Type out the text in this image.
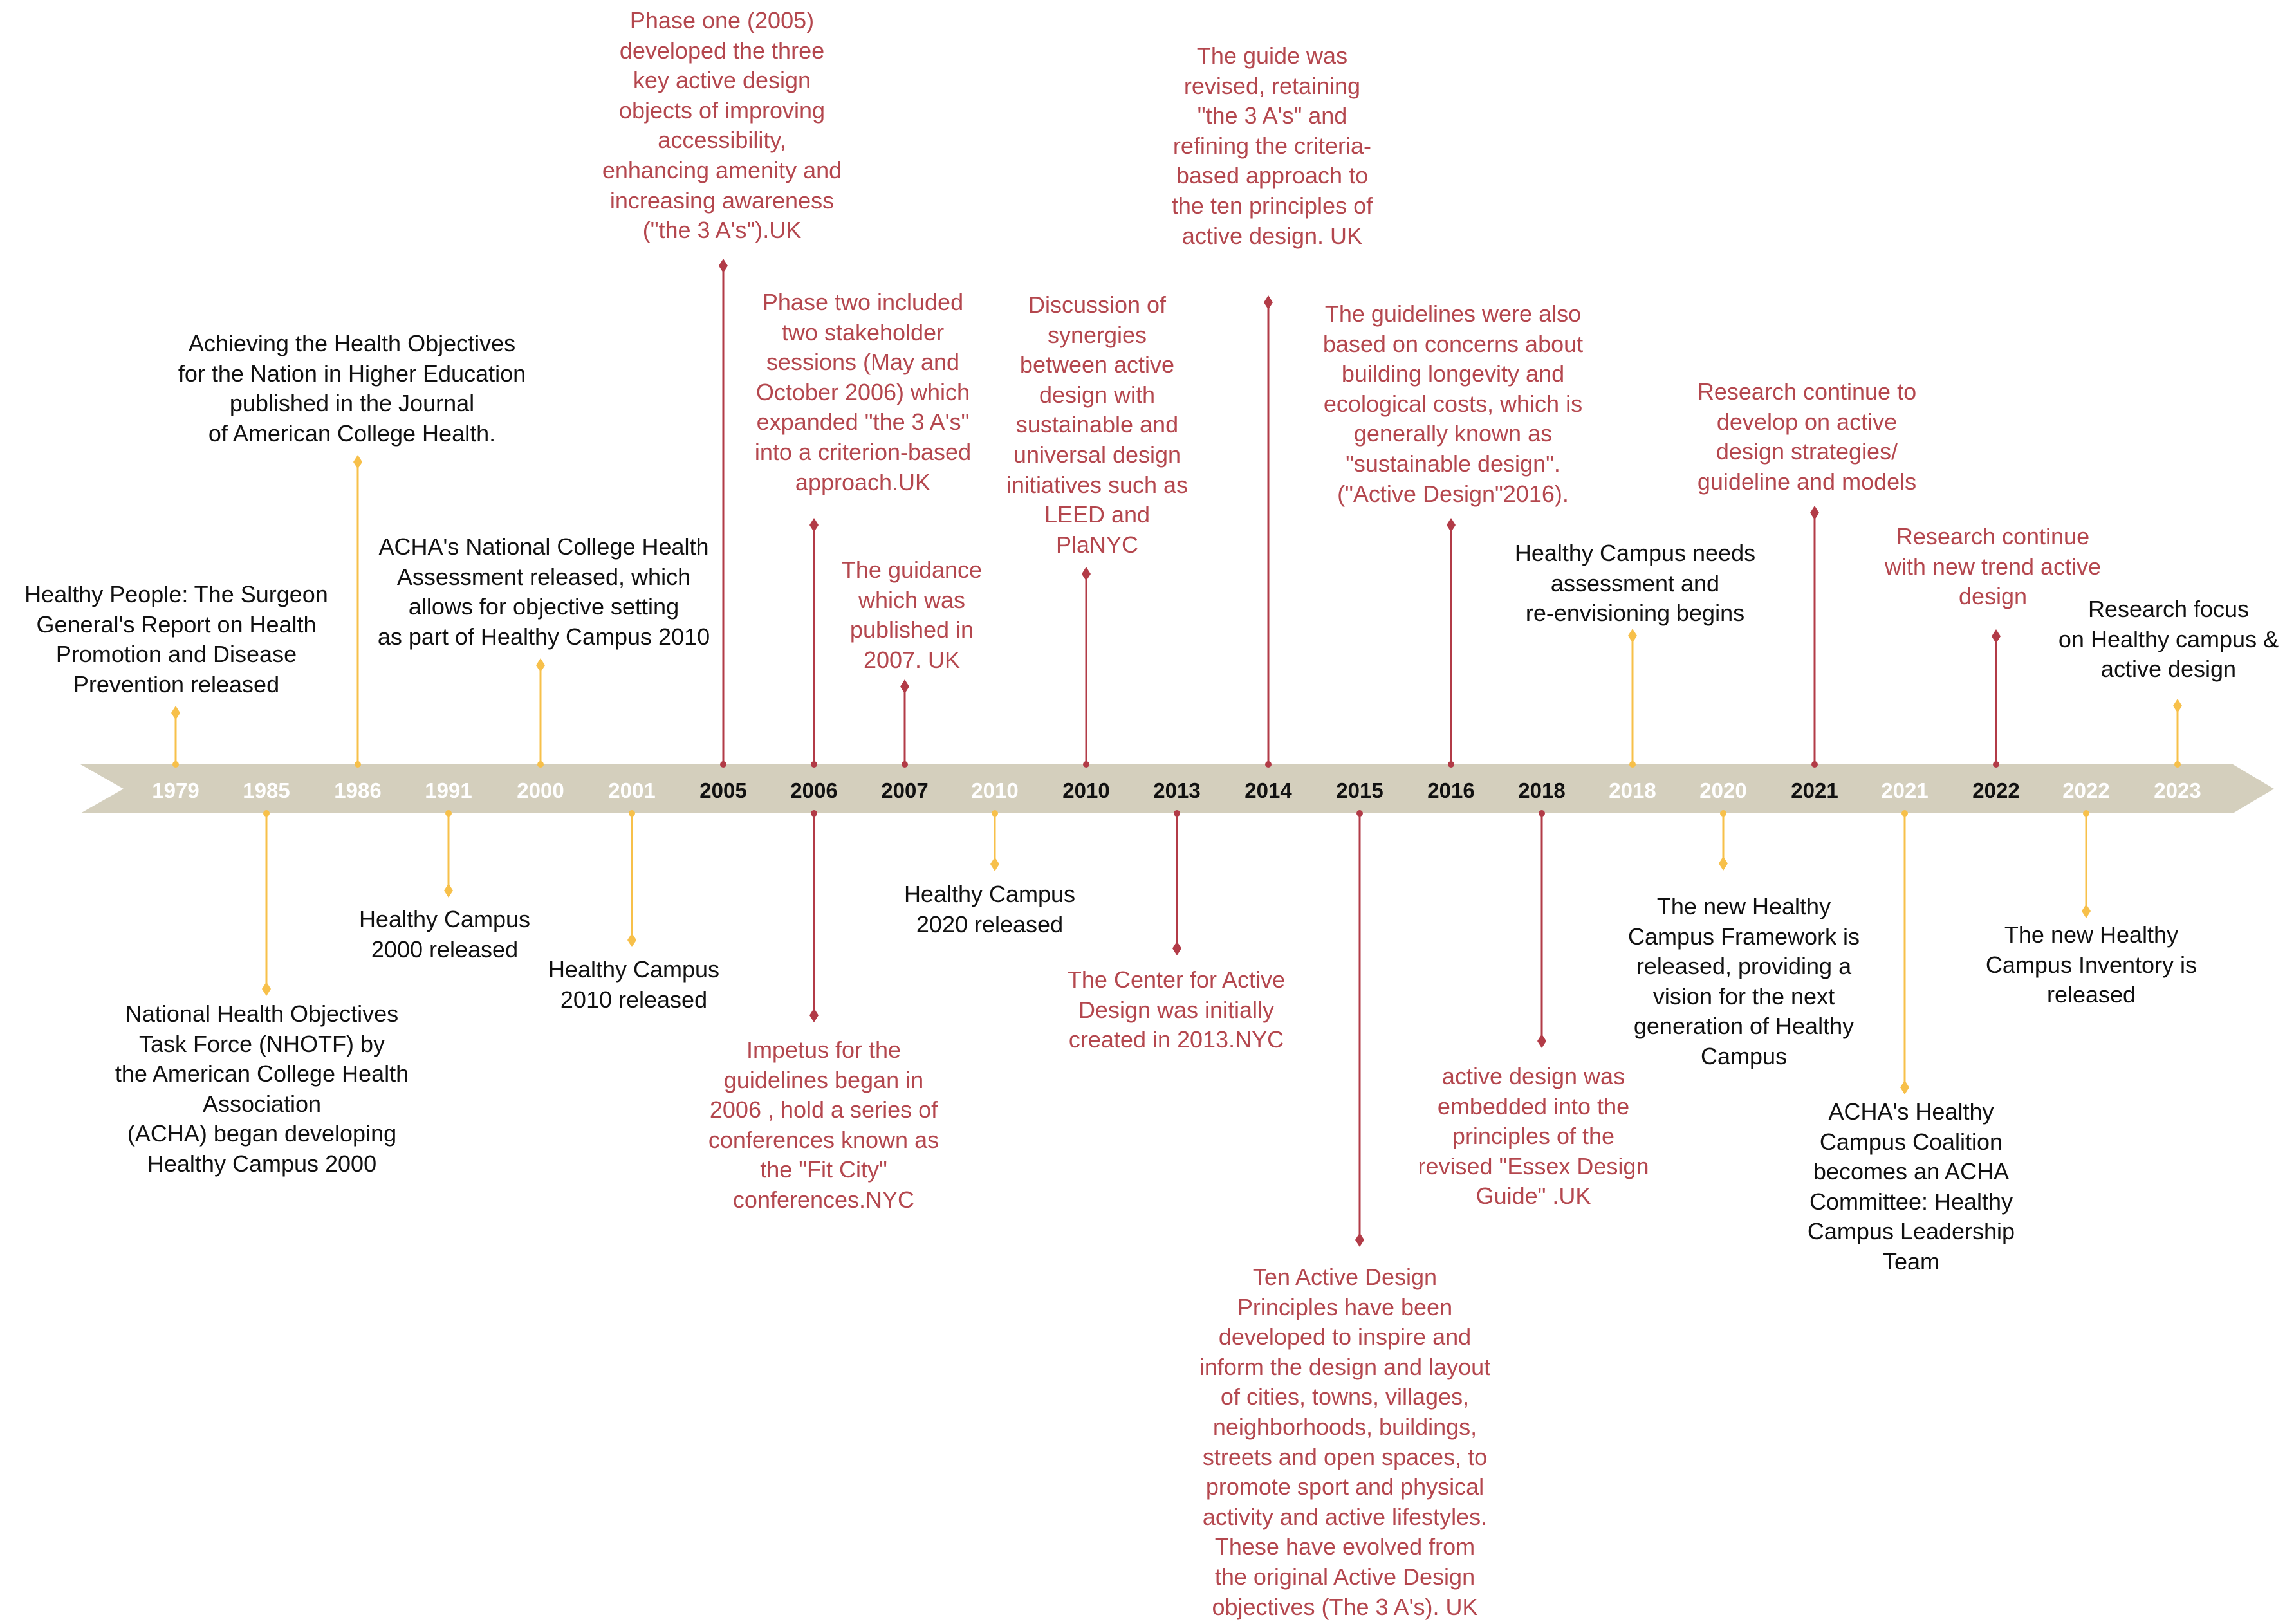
1979 1985 1986 1991 2000 2001 2005 2006 2007 2010 2010 2013 2014 2015 2016 2018 2018 2020 2021 2021 2022 2022 2023
Healthy People: The Surgeon
General's Report on Health
Promotion and Disease
Prevention released
National Health Objectives
Task Force (NHOTF) by
the American College Health Association
(ACHA) began developing
Healthy Campus 2000
Achieving the Health Objectives
for the Nation in Higher Education
published in the Journal
of American College Health.
Healthy Campus
2000 released
ACHA's National College Health
Assessment released, which
allows for objective setting
as part of Healthy Campus 2010
Healthy Campus
2010 released
Phase one (2005)
developed the three
key active design
objects of improving
accessibility,
enhancing amenity and
increasing awareness
("the 3 A's").UK
Phase two included
two stakeholder
sessions (May and
October 2006) which
expanded "the 3 A's"
into a criterion-based
approach.UK
Impetus for the
guidelines began in
2006 , hold a series of
conferences known as
the "Fit City"
conferences.NYC
The guidance
which was
published in
2007. UK
Healthy Campus
2020 released
Discussion of
synergies
between active
design with
sustainable and
universal design
initiatives such as
LEED and
PlaNYC
The Center for Active
Design was initially
created in 2013.NYC
The guide was
revised, retaining
"the 3 A's" and
refining the criteria-
based approach to
the ten principles of
active design. UK
Ten Active Design
Principles have been
developed to inspire and
inform the design and layout
of cities, towns, villages,
neighborhoods, buildings,
streets and open spaces, to
promote sport and physical
activity and active lifestyles.
These have evolved from
the original Active Design
objectives (The 3 A's). UK
The guidelines were also
based on concerns about
building longevity and
ecological costs, which is
generally known as
"sustainable design".
("Active Design"2016).
active design was
embedded into the
principles of the
revised "Essex Design
Guide" .UK
Healthy Campus needs
assessment and
re-envisioning begins
The new Healthy
Campus Framework is
released, providing a
vision for the next
generation of Healthy
Campus
Research continue to
develop on active
design strategies/
guideline and models
ACHA's Healthy
Campus Coalition
becomes an ACHA
Committee: Healthy
Campus Leadership
Team
Research continue
with new trend active
design
The new Healthy
Campus Inventory is
released
Research focus
on Healthy campus &
active design
